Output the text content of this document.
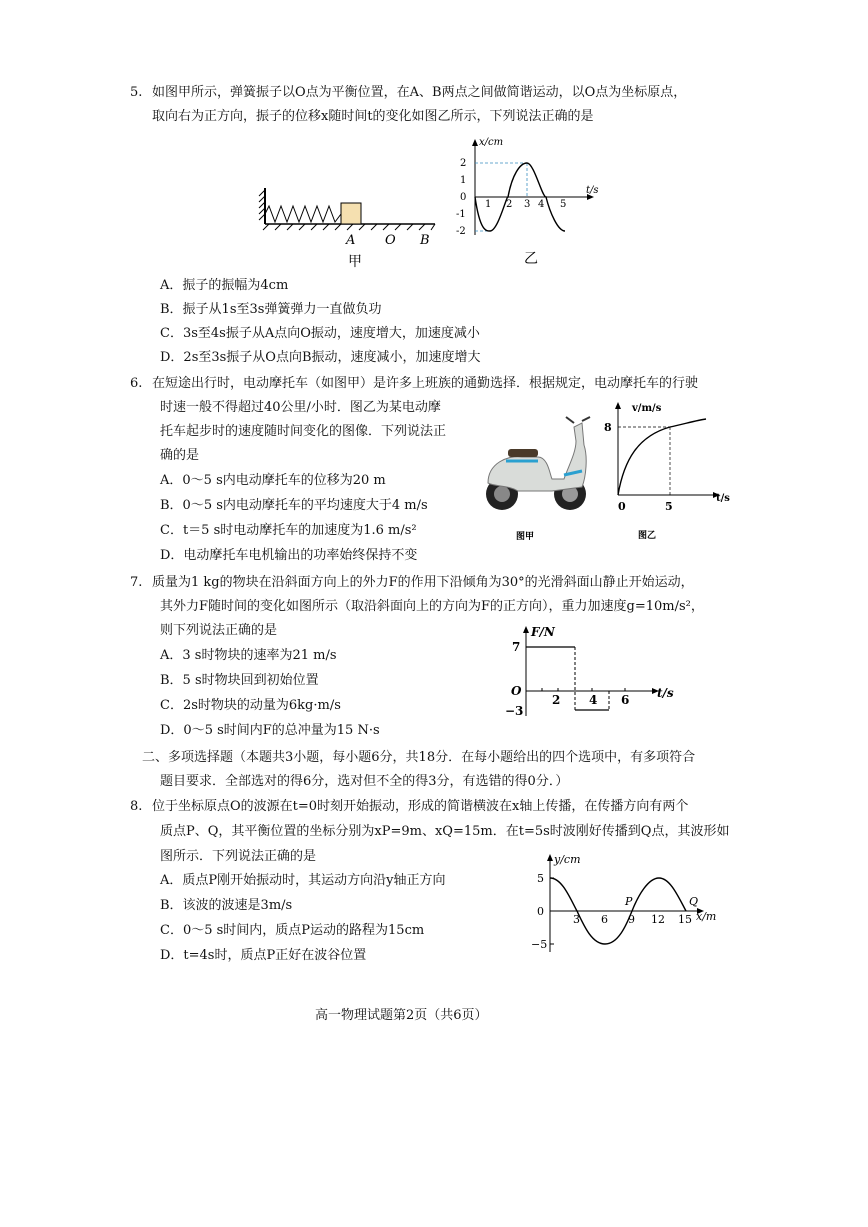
5. 如图甲所示，弹簧振子以O点为平衡位置，在A、B两点之间做简谐运动，以O点为坐标原点，
取向右为正方向，振子的位移x随时间t的变化如图乙所示，下列说法正确的是
A O B
甲
x/cm
t/s
2
1
0
-1
-2
1 2 3 4 5
乙
A．振子的振幅为4cm
B．振子从1s至3s弹簧弹力一直做负功
C．3s至4s振子从A点向O振动，速度增大，加速度减小
D．2s至3s振子从O点向B振动，速度减小，加速度增大
6. 在短途出行时，电动摩托车（如图甲）是许多上班族的通勤选择．根据规定，电动摩托车的行驶
时速一般不得超过40公里/小时．图乙为某电动摩
托车起步时的速度随时间变化的图像．下列说法正
确的是
A．0～5 s内电动摩托车的位移为20 m
B．0～5 s内电动摩托车的平均速度大于4 m/s
C．t＝5 s时电动摩托车的加速度为1.6 m/s²
D．电动摩托车电机输出的功率始终保持不变
图甲
v/m/s
t/s
8
0	5
图乙
7. 质量为1 kg的物块在沿斜面方向上的外力F的作用下沿倾角为30°的光滑斜面山静止开始运动，
其外力F随时间的变化如图所示（取沿斜面向上的方向为F的正方向），重力加速度g=10m/s²，
则下列说法正确的是
A．3 s时物块的速率为21 m/s
B．5 s时物块回到初始位置
C．2s时物块的动量为6kg·m/s
D．0～5 s时间内F的总冲量为15 N·s
F/N
t/s
7
−3
O
2 4 6
二、多项选择题（本题共3小题，每小题6分，共18分．在每小题给出的四个选项中，有多项符合
题目要求．全部选对的得6分，选对但不全的得3分，有选错的得0分．）
8. 位于坐标原点O的波源在t=0时刻开始振动，形成的简谐横波在x轴上传播，在传播方向有两个
质点P、Q，其平衡位置的坐标分别为xP=9m、xQ=15m．在t=5s时波刚好传播到Q点，其波形如
图所示．下列说法正确的是
A．质点P刚开始振动时，其运动方向沿y轴正方向
B．该波的波速是3m/s
C．0～5 s时间内，质点P运动的路程为15cm
D．t=4s时，质点P正好在波谷位置
y/cm
x/m
5
0
−5
3 6 9 12 15
P	Q
高一物理试题第2页（共6页）
